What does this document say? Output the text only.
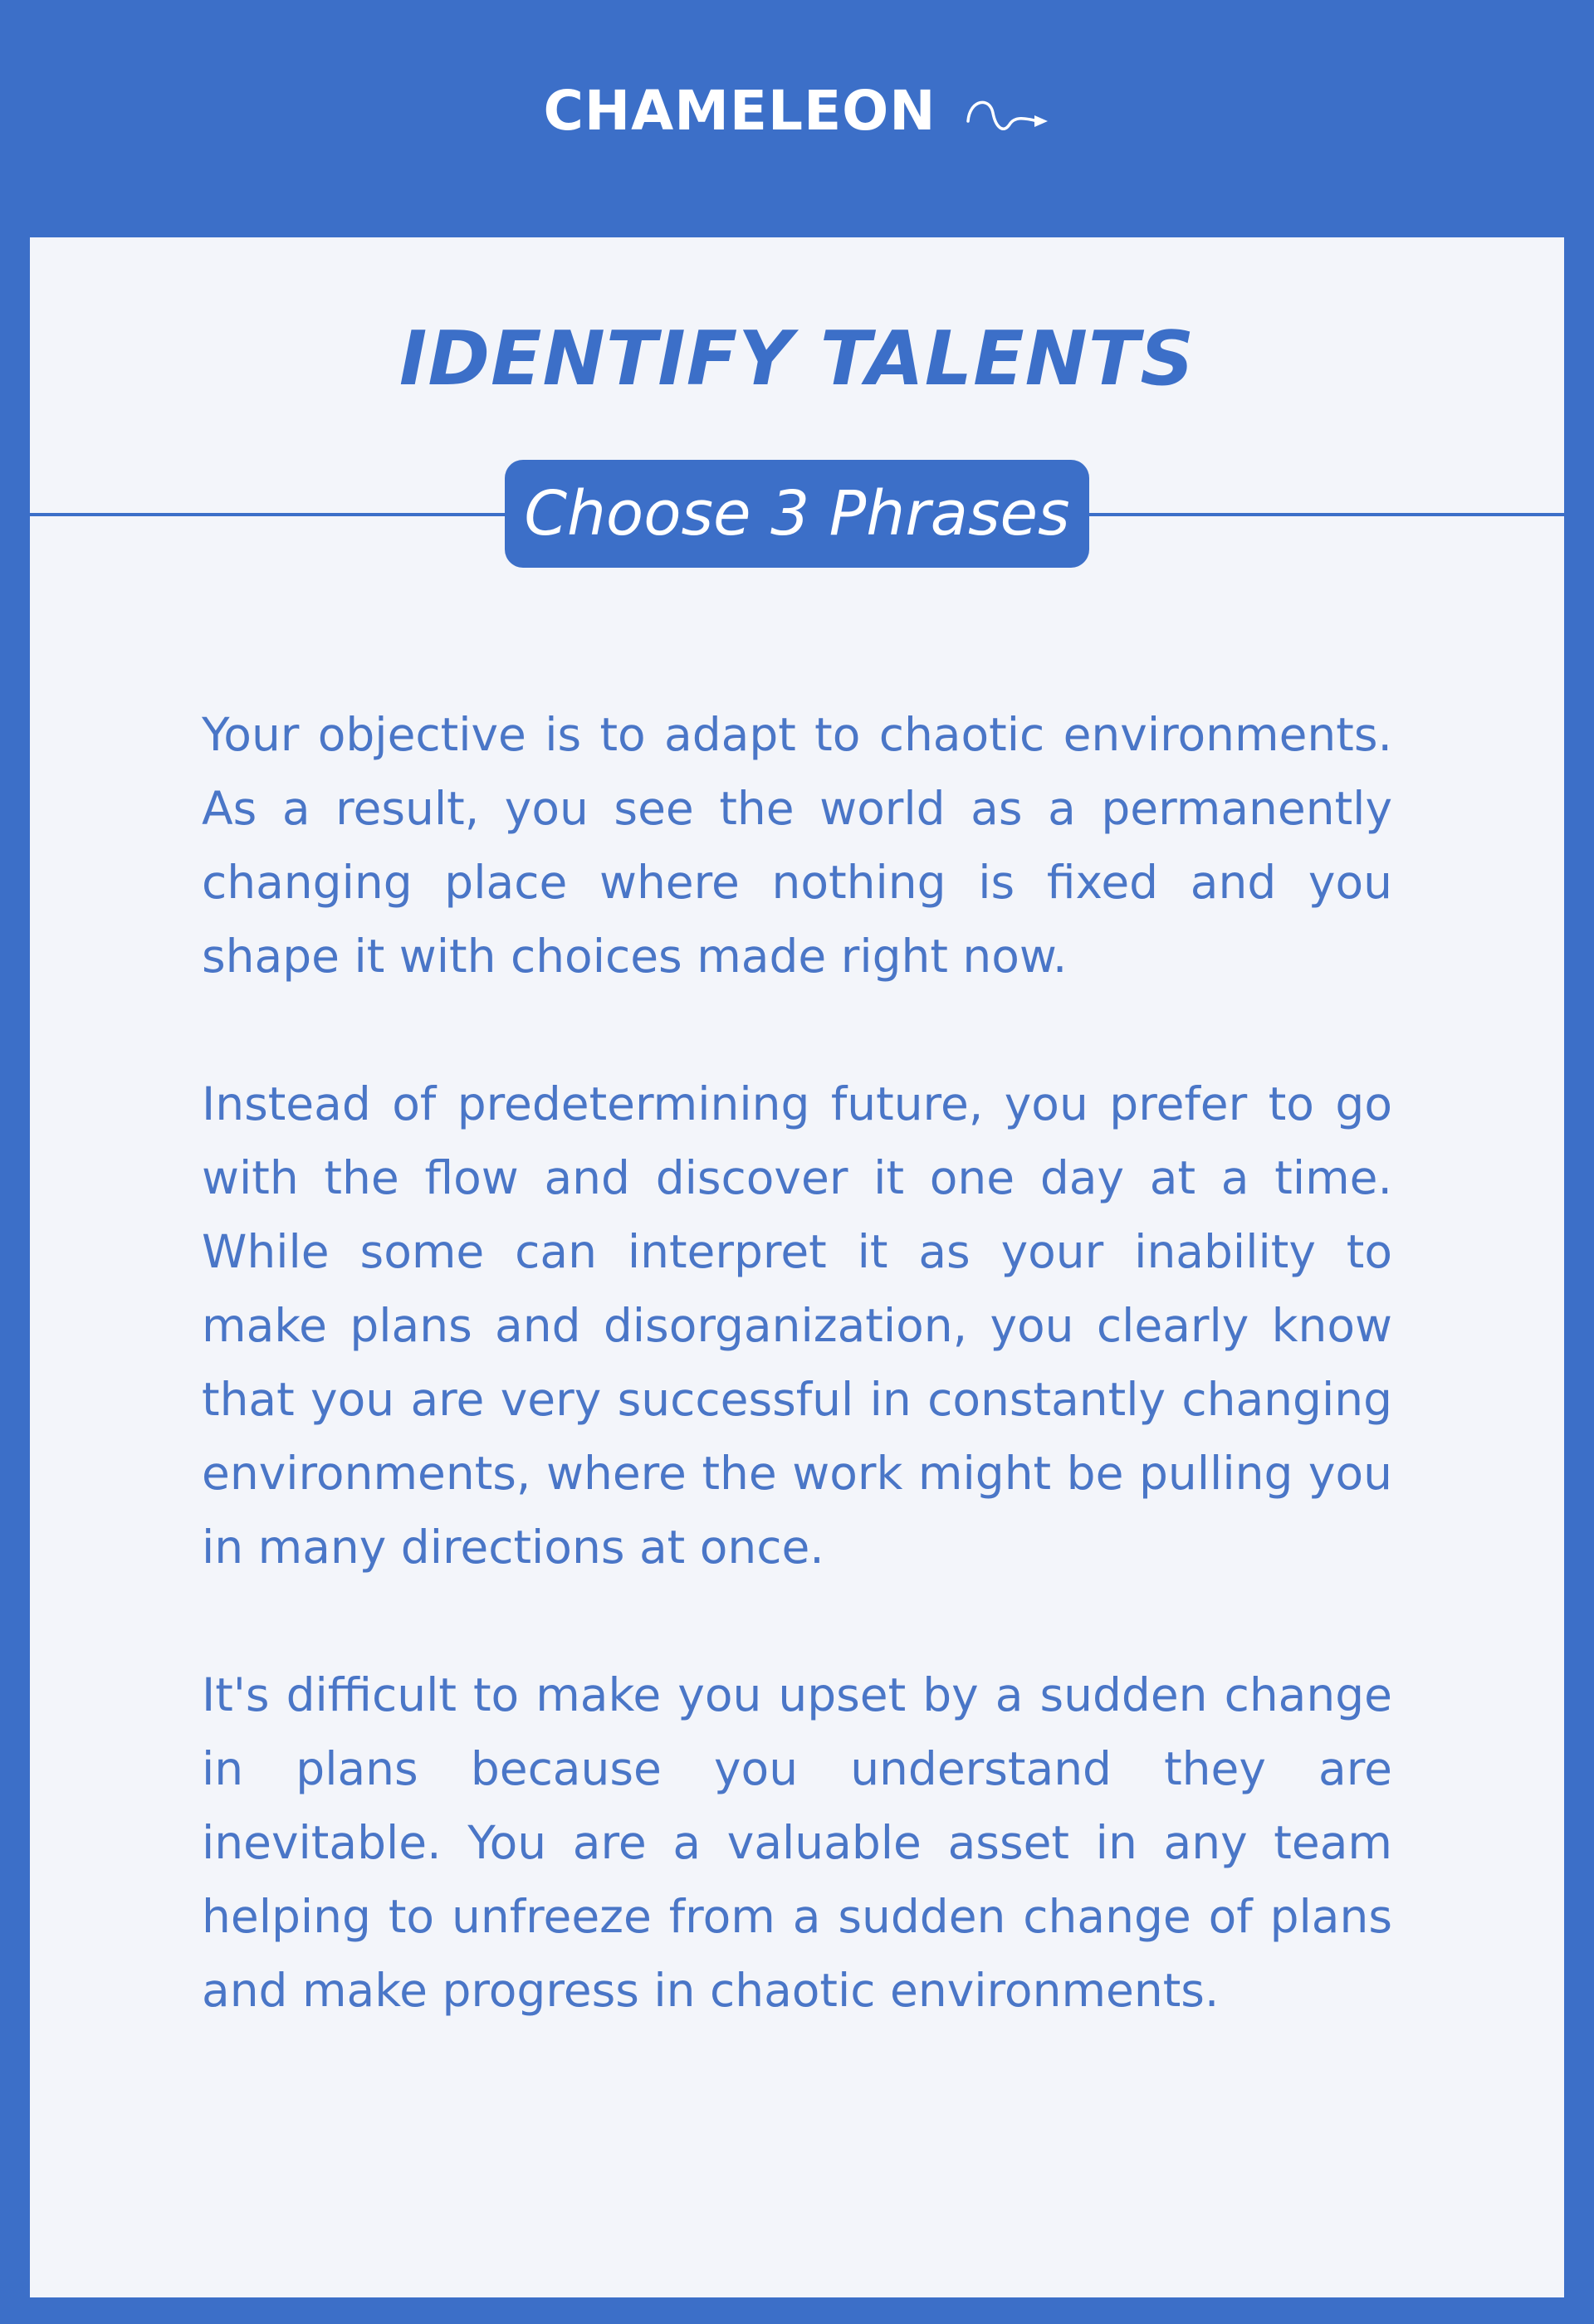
CHAMELEON
IDENTIFY TALENTS
Choose 3 Phrases

Your objective is to adapt to chaotic environments. As a result, you see the world as a permanently changing place where nothing is fixed and you shape it with choices made right now.

Instead of predetermining future, you prefer to go with the flow and discover it one day at a time. While some can interpret it as your inability to make plans and disorganization, you clearly know that you are very successful in constantly changing environments, where the work might be pulling you in many directions at once.

It's difficult to make you upset by a sudden change in plans because you understand they are inevitable. You are a valuable asset in any team helping to unfreeze from a sudden change of plans and make progress in chaotic environments.
